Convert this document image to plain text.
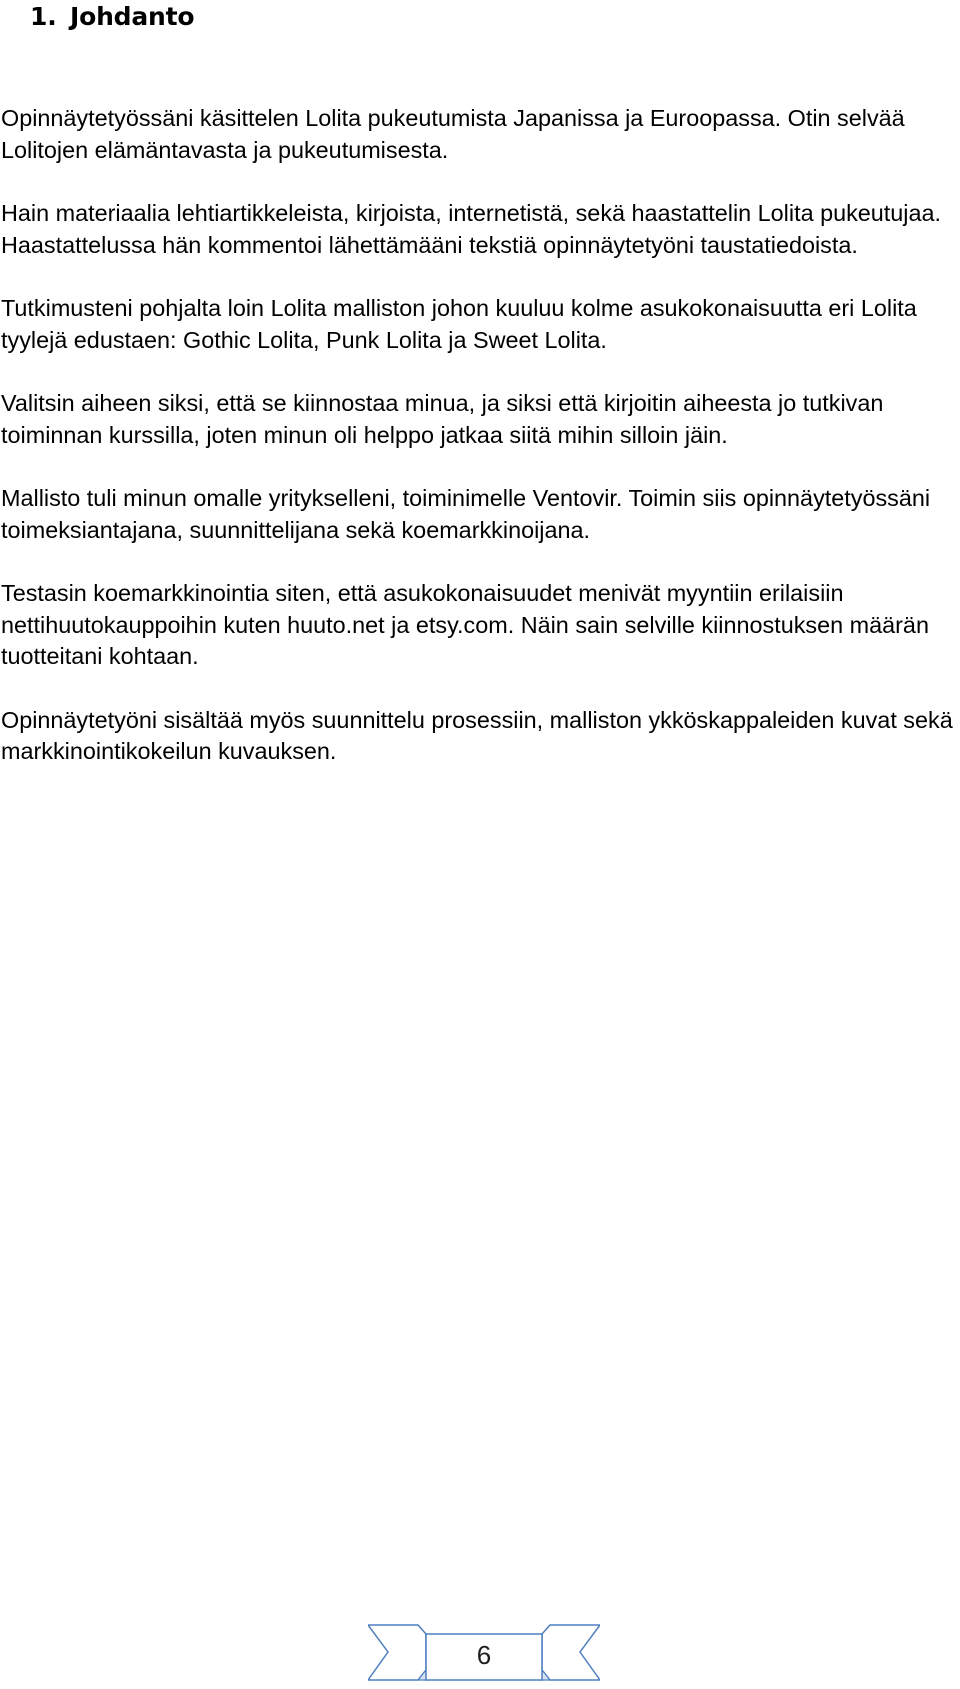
1. Johdanto

Opinnäytetyössäni käsittelen Lolita pukeutumista Japanissa ja Euroopassa. Otin selvää Lolitojen elämäntavasta ja pukeutumisesta.

Hain materiaalia lehtiartikkeleista, kirjoista, internetistä, sekä haastattelin Lolita pukeutujaa. Haastattelussa hän kommentoi lähettämääni tekstiä opinnäytetyöni taustatiedoista.

Tutkimusteni pohjalta loin Lolita malliston johon kuuluu kolme asukokonaisuutta eri Lolita tyylejä edustaen: Gothic Lolita, Punk Lolita ja Sweet Lolita.

Valitsin aiheen siksi, että se kiinnostaa minua, ja siksi että kirjoitin aiheesta jo tutkivan toiminnan kurssilla, joten minun oli helppo jatkaa siitä mihin silloin jäin.

Mallisto tuli minun omalle yritykselleni, toiminimelle Ventovir. Toimin siis opinnäytetyössäni toimeksiantajana, suunnittelijana sekä koemarkkinoijana.

Testasin koemarkkinointia siten, että asukokonaisuudet menivät myyntiin erilaisiin nettihuutokauppoihin kuten huuto.net ja etsy.com. Näin sain selville kiinnostuksen määrän tuotteitani kohtaan.

Opinnäytetyöni sisältää myös suunnittelu prosessiin, malliston ykköskappaleiden kuvat sekä markkinointikokeilun kuvauksen.

6
